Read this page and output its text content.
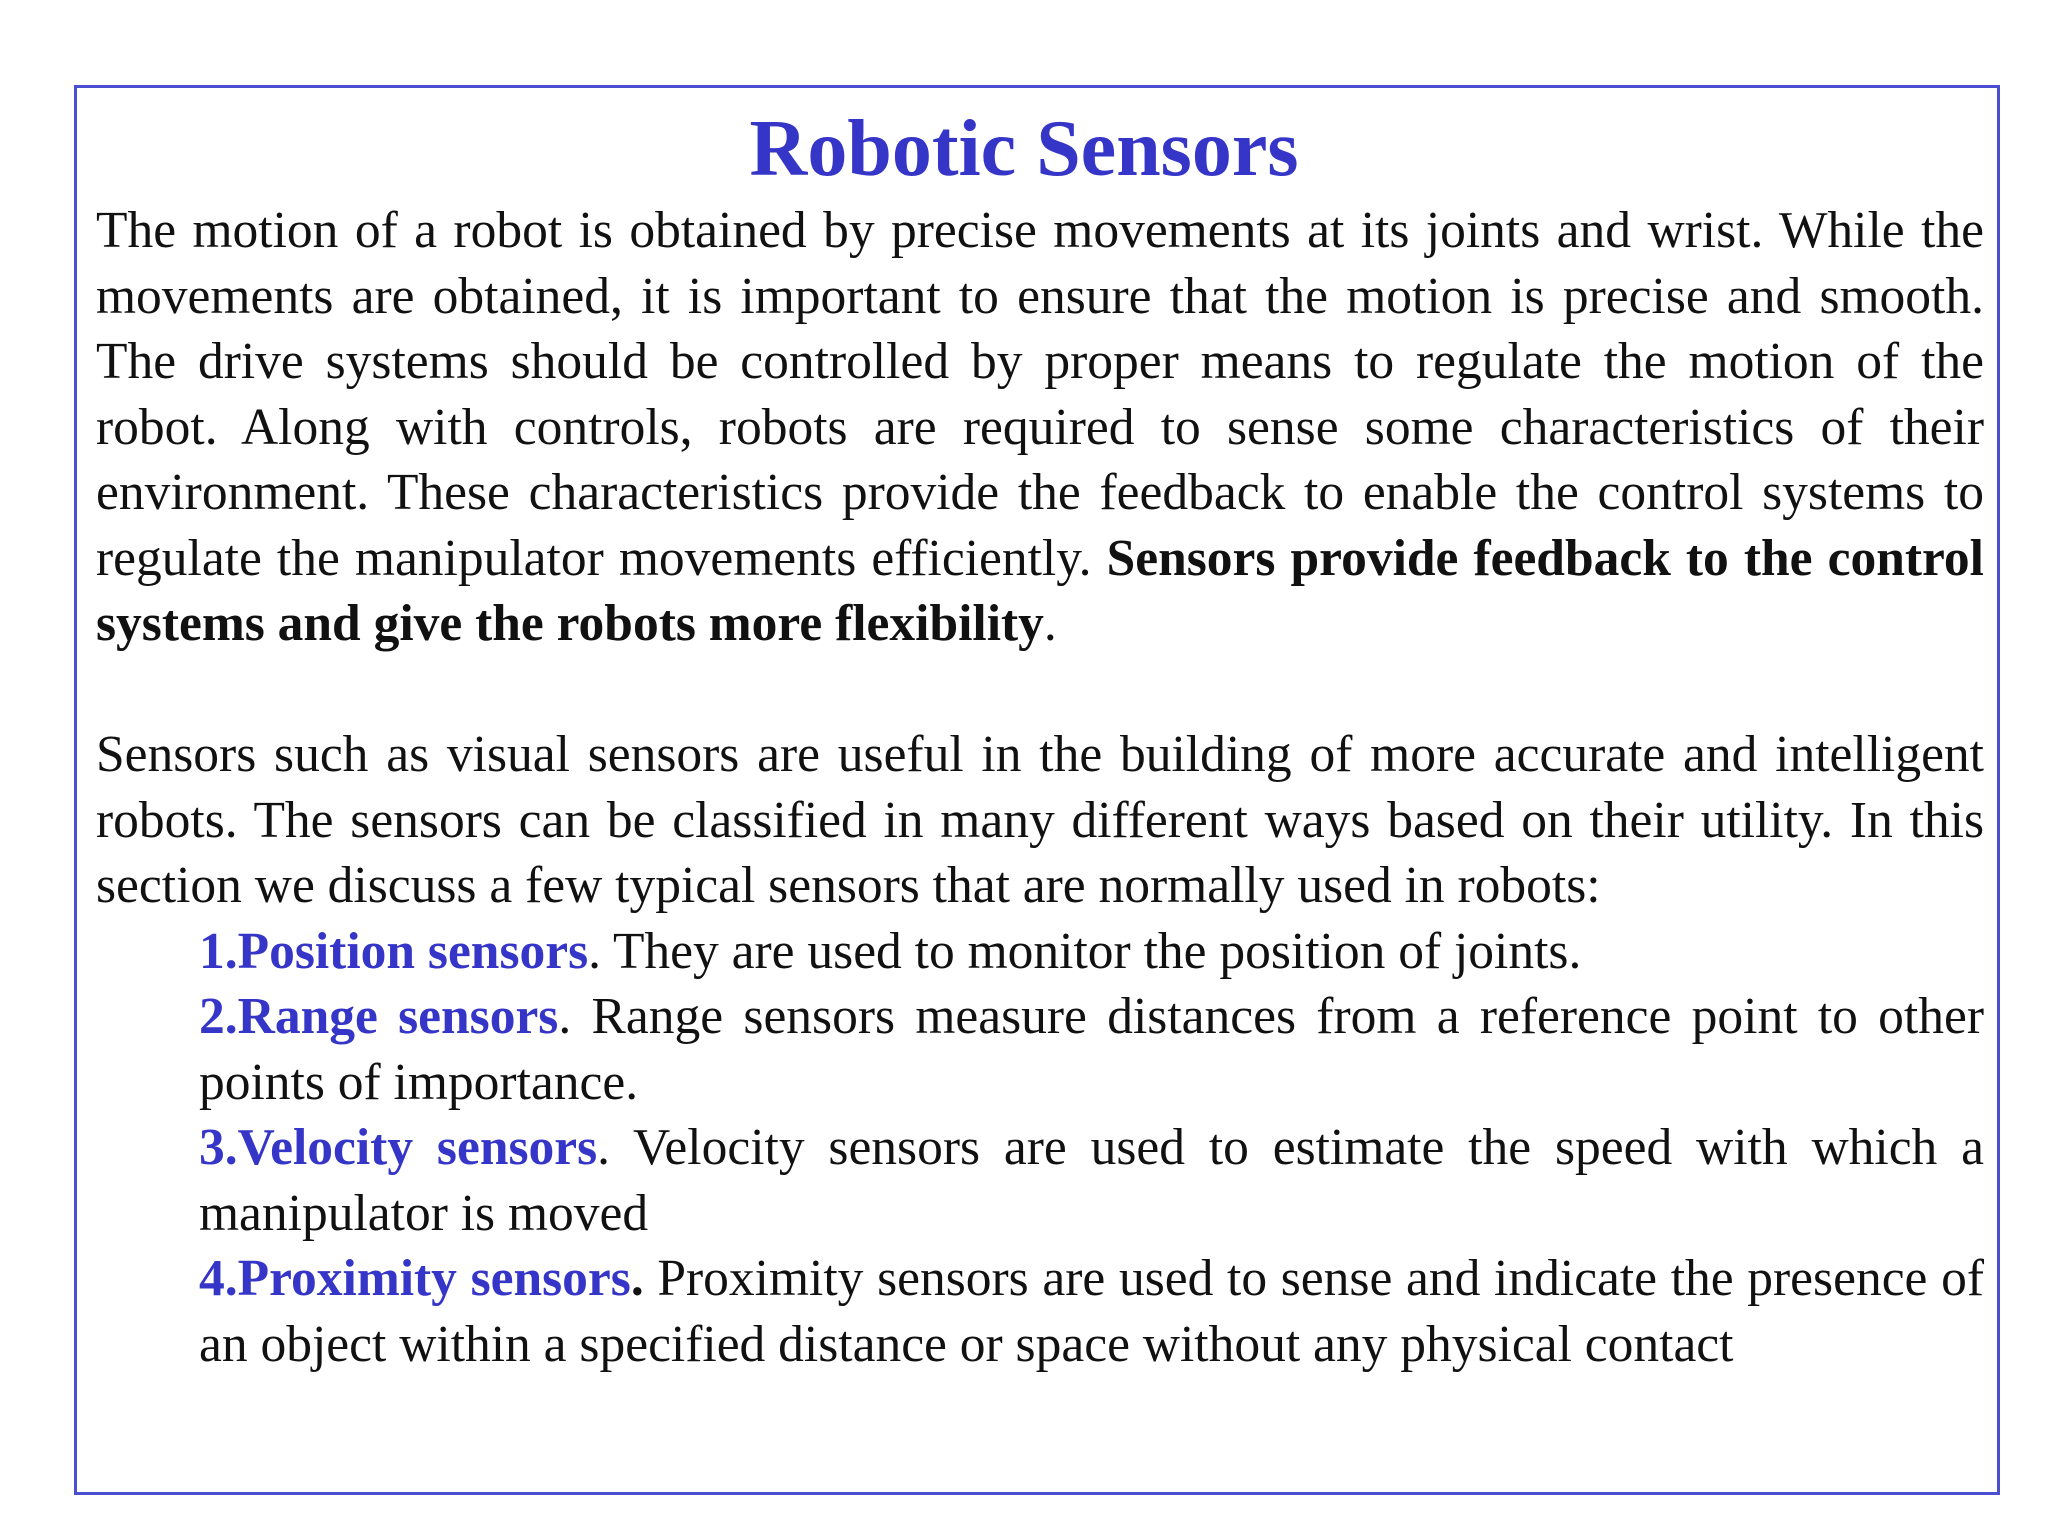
Robotic Sensors

The motion of a robot is obtained by precise movements at its joints and wrist. While the movements are obtained, it is important to ensure that the motion is precise and smooth. The drive systems should be controlled by proper means to regulate the motion of the robot. Along with controls, robots are required to sense some characteristics of their environment. These characteristics provide the feedback to enable the control systems to regulate the manipulator movements efficiently. Sensors provide feedback to the control systems and give the robots more flexibility.

Sensors such as visual sensors are useful in the building of more accurate and intelligent robots. The sensors can be classified in many different ways based on their utility. In this section we discuss a few typical sensors that are normally used in robots:

1.Position sensors. They are used to monitor the position of joints.
2.Range sensors. Range sensors measure distances from a reference point to other points of importance.
3.Velocity sensors. Velocity sensors are used to estimate the speed with which a manipulator is moved
4.Proximity sensors. Proximity sensors are used to sense and indicate the presence of an object within a specified distance or space without any physical contact
